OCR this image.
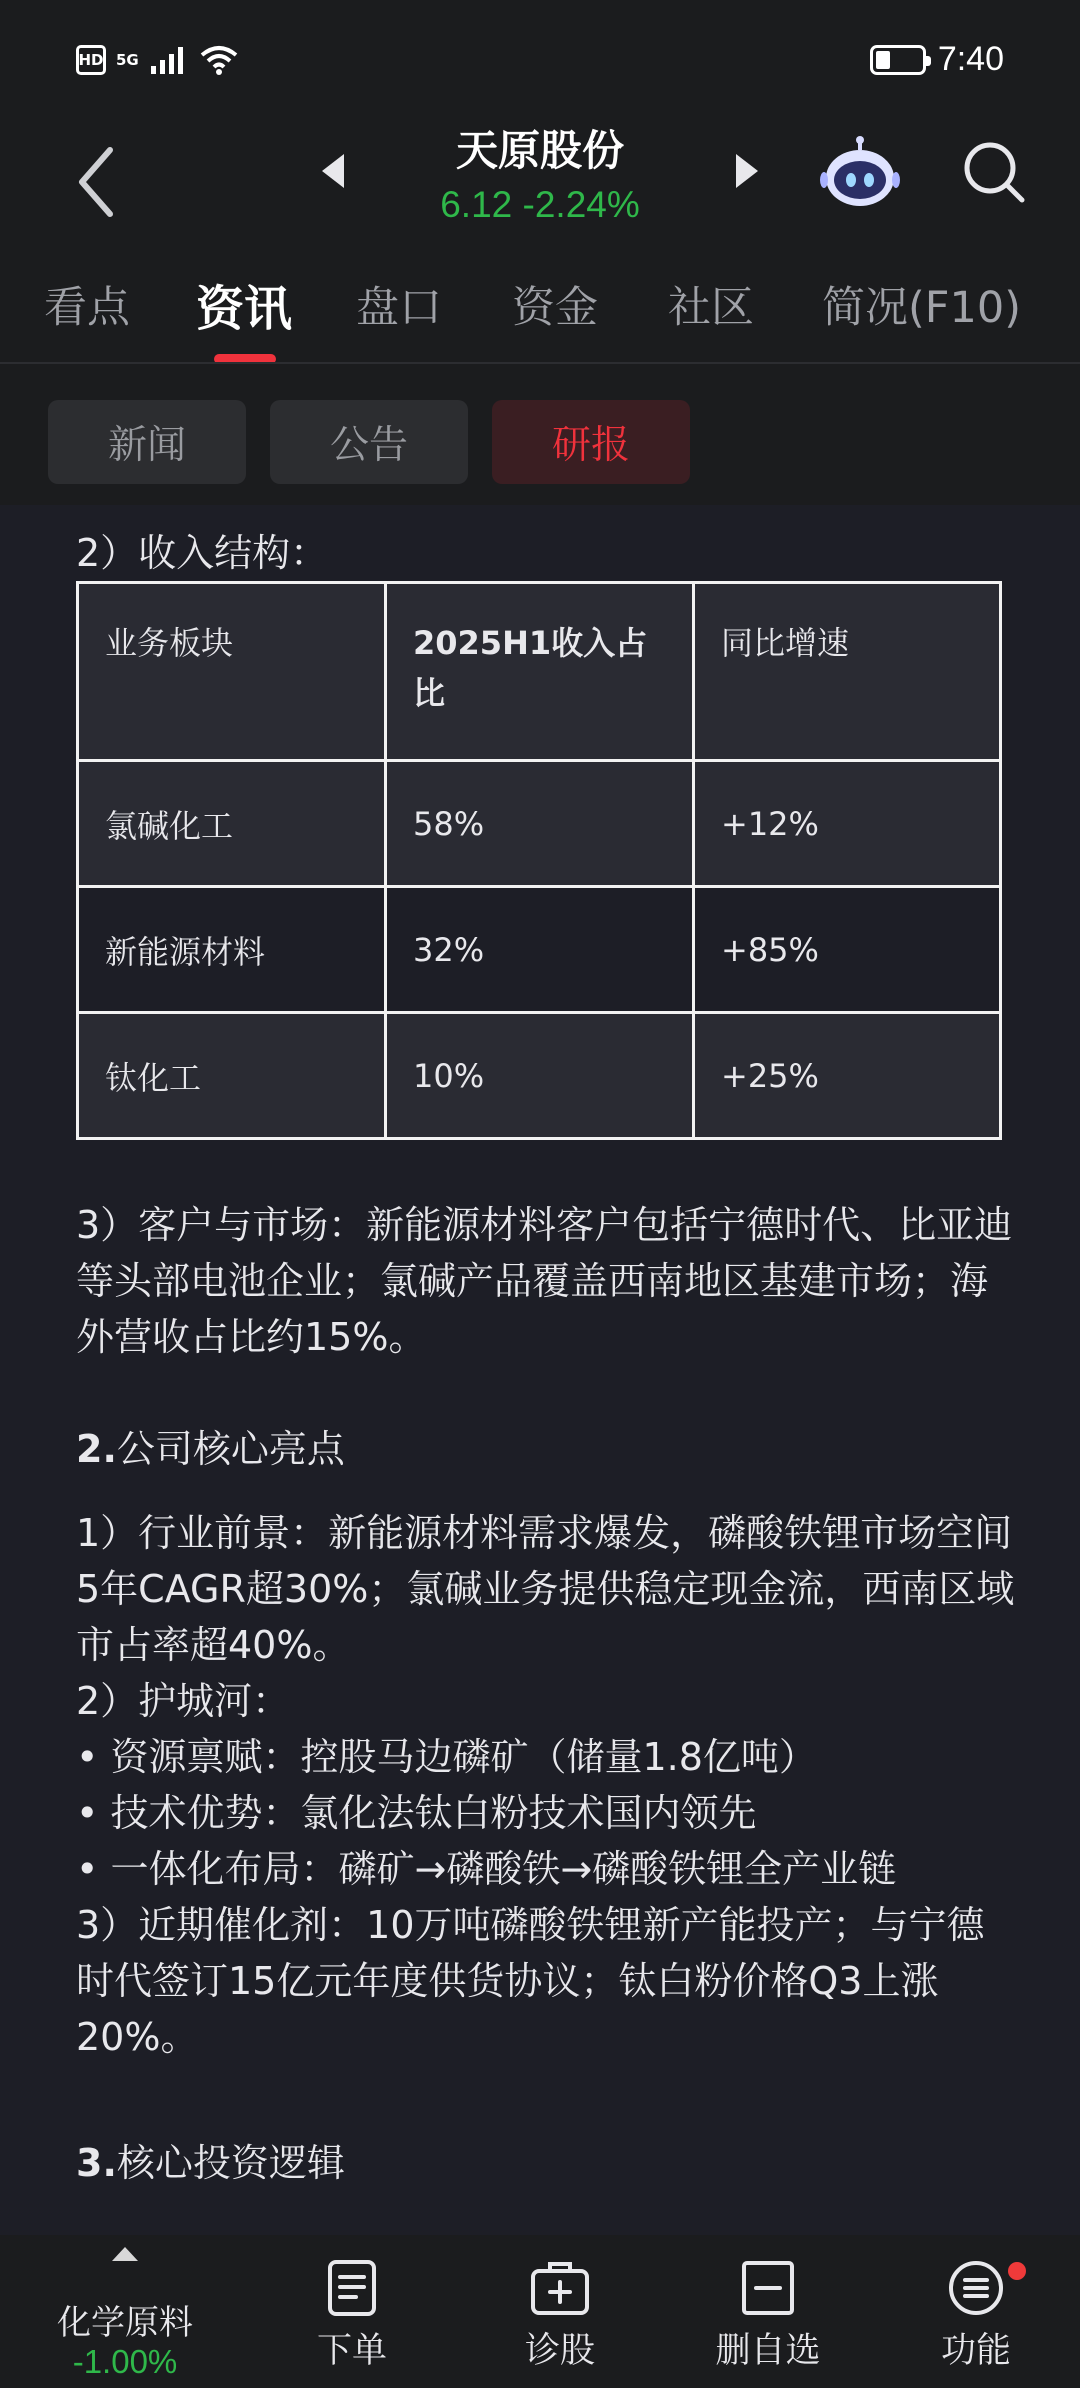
HD 5G	7:40
天原股份
6.12 -2.24%
看点 资讯 盘口 资金 社区 简况(F10)
新闻	公告	研报
2）收入结构：
业务板块	2025H1收入占比	同比增速
氯碱化工	58%	+12%
新能源材料	32%	+85%
钛化工	10%	+25%
3）客户与市场：新能源材料客户包括宁德时代、比亚迪等头部电池企业；氯碱产品覆盖西南地区基建市场；海外营收占比约15%。
2.公司核心亮点
1）行业前景：新能源材料需求爆发，磷酸铁锂市场空间5年CAGR超30%；氯碱业务提供稳定现金流，西南区域市占率超40%。
2）护城河：
• 资源禀赋：控股马边磷矿（储量1.8亿吨）
• 技术优势：氯化法钛白粉技术国内领先
• 一体化布局：磷矿→磷酸铁→磷酸铁锂全产业链
3）近期催化剂：10万吨磷酸铁锂新产能投产；与宁德时代签订15亿元年度供货协议；钛白粉价格Q3上涨20%。
3.核心投资逻辑
化学原料
-1.00%	下单	诊股	删自选	功能
